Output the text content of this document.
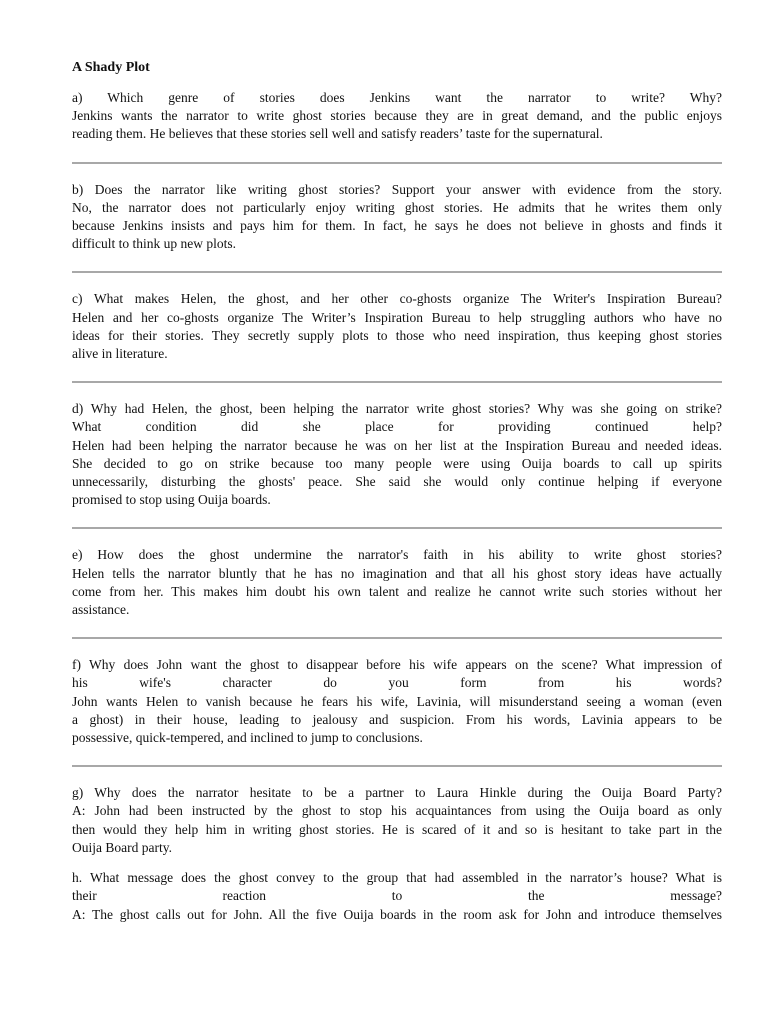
A Shady Plot

a) Which genre of stories does Jenkins want the narrator to write? Why?

Jenkins wants the narrator to write ghost stories because they are in great demand, and the public enjoys

reading them. He believes that these stories sell well and satisfy readers’ taste for the supernatural.

b) Does the narrator like writing ghost stories? Support your answer with evidence from the story.

No, the narrator does not particularly enjoy writing ghost stories. He admits that he writes them only

because Jenkins insists and pays him for them. In fact, he says he does not believe in ghosts and finds it

difficult to think up new plots.

c) What makes Helen, the ghost, and her other co-ghosts organize The Writer's Inspiration Bureau?

Helen and her co-ghosts organize The Writer’s Inspiration Bureau to help struggling authors who have no

ideas for their stories. They secretly supply plots to those who need inspiration, thus keeping ghost stories

alive in literature.

d) Why had Helen, the ghost, been helping the narrator write ghost stories? Why was she going on strike?

What condition did she place for providing continued help?

Helen had been helping the narrator because he was on her list at the Inspiration Bureau and needed ideas.

She decided to go on strike because too many people were using Ouija boards to call up spirits

unnecessarily, disturbing the ghosts' peace. She said she would only continue helping if everyone

promised to stop using Ouija boards.

e) How does the ghost undermine the narrator's faith in his ability to write ghost stories?

Helen tells the narrator bluntly that he has no imagination and that all his ghost story ideas have actually

come from her. This makes him doubt his own talent and realize he cannot write such stories without her

assistance.

f) Why does John want the ghost to disappear before his wife appears on the scene? What impression of

his wife's character do you form from his words?

John wants Helen to vanish because he fears his wife, Lavinia, will misunderstand seeing a woman (even

a ghost) in their house, leading to jealousy and suspicion. From his words, Lavinia appears to be

possessive, quick-tempered, and inclined to jump to conclusions.

g) Why does the narrator hesitate to be a partner to Laura Hinkle during the Ouija Board Party?

A: John had been instructed by the ghost to stop his acquaintances from using the Ouija board as only

then would they help him in writing ghost stories. He is scared of it and so is hesitant to take part in the

Ouija Board party.

h. What message does the ghost convey to the group that had assembled in the narrator’s house? What is

their reaction to the message?

A: The ghost calls out for John. All the five Ouija boards in the room ask for John and introduce themselves
